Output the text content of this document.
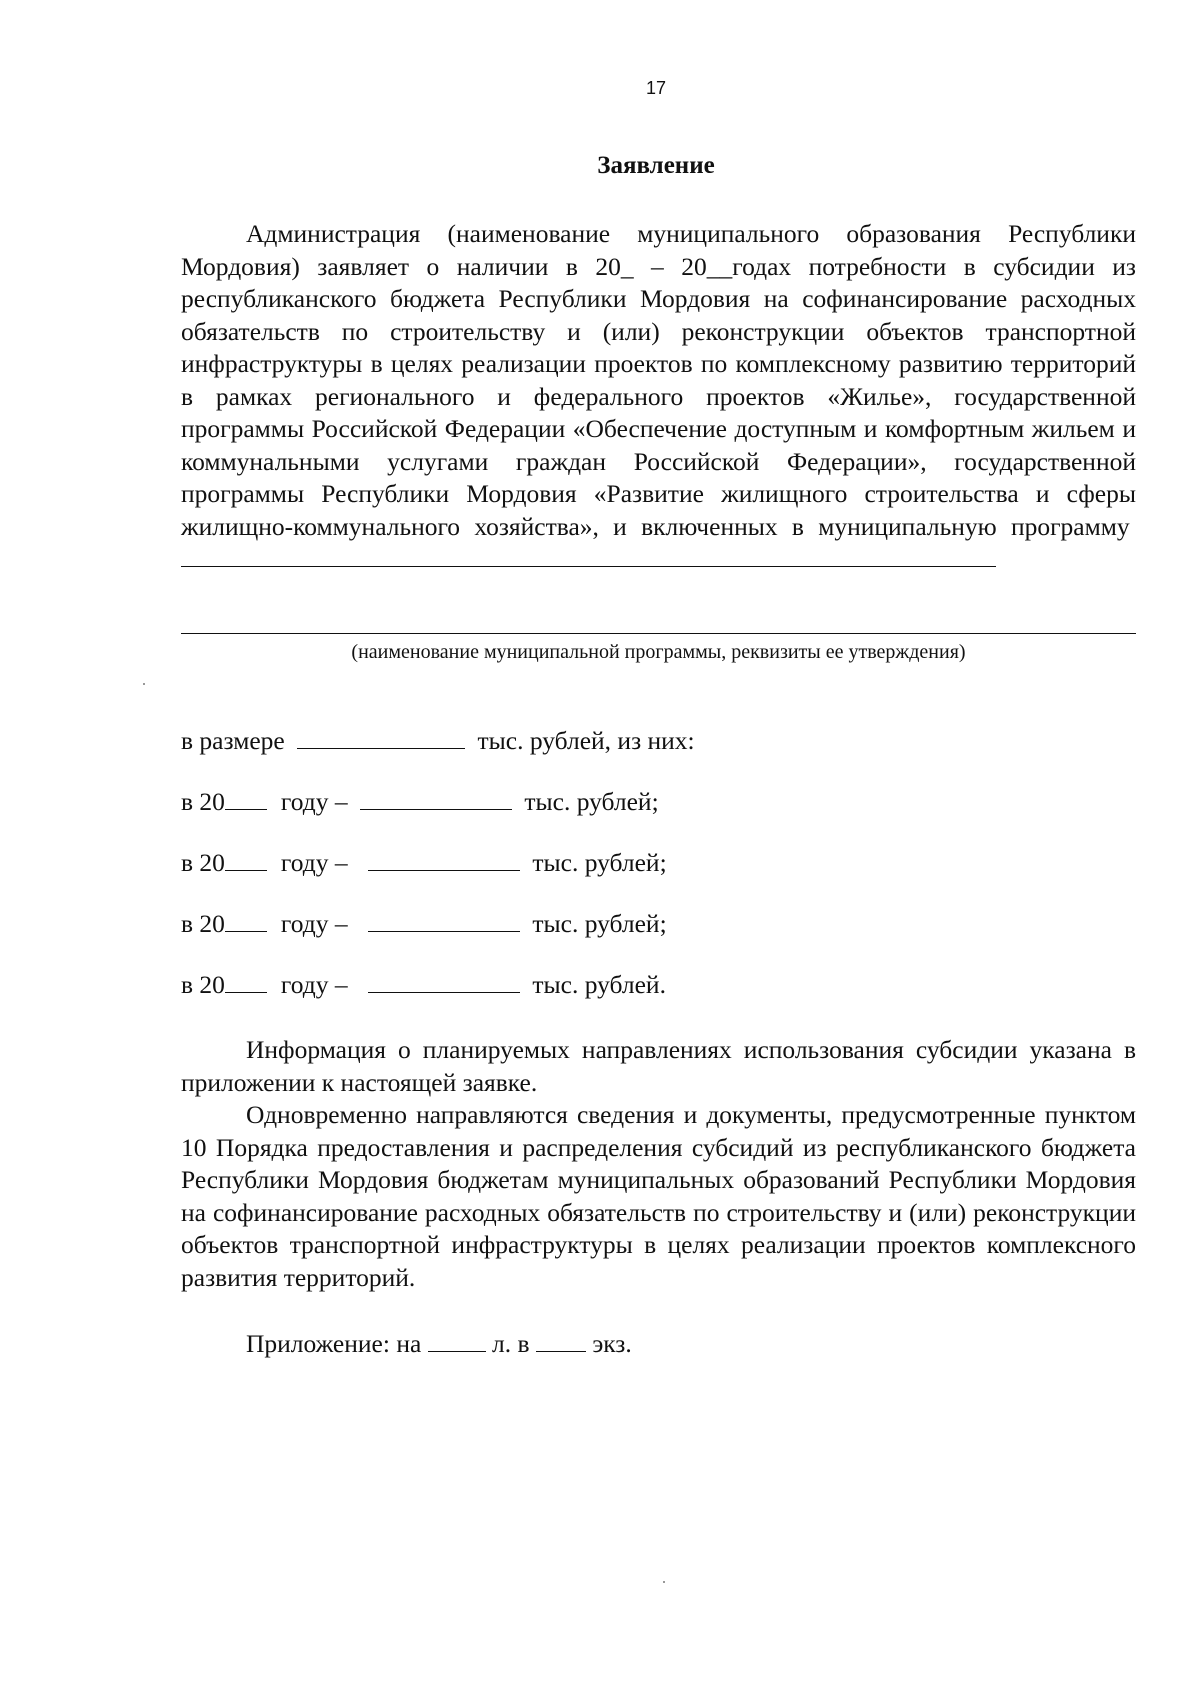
17
Заявление

Администрация (наименование муниципального образования Республики Мордовия) заявляет о наличии в 20_ – 20__годах потребности в субсидии из республиканского бюджета Республики Мордовия на софинансирование расходных обязательств по строительству и (или) реконструкции объектов транспортной инфраструктуры в целях реализации проектов по комплексному развитию территорий в рамках регионального и федерального проектов «Жилье», государственной программы Российской Федерации «Обеспечение доступным и комфортным жильем и коммунальными услугами граждан Российской Федерации», государственной программы Республики Мордовия «Развитие жилищного строительства и сферы жилищно-коммунального хозяйства», и включенных в муниципальную программу

(наименование муниципальной программы, реквизиты ее утверждения)
в размере	тыс. рублей, из них:
в 20 году –	тыс. рублей;
в 20 году –	тыс. рублей;
в 20 году –	тыс. рублей;
в 20 году –	тыс. рублей.

Информация о планируемых направлениях использования субсидии указана в приложении к настоящей заявке.

Одновременно направляются сведения и документы, предусмотренные пунктом 10 Порядка предоставления и распределения субсидий из республиканского бюджета Республики Мордовия бюджетам муниципальных образований Республики Мордовия на софинансирование расходных обязательств по строительству и (или) реконструкции объектов транспортной инфраструктуры в целях реализации проектов комплексного развития территорий.

Приложение: на	л. в экз.
